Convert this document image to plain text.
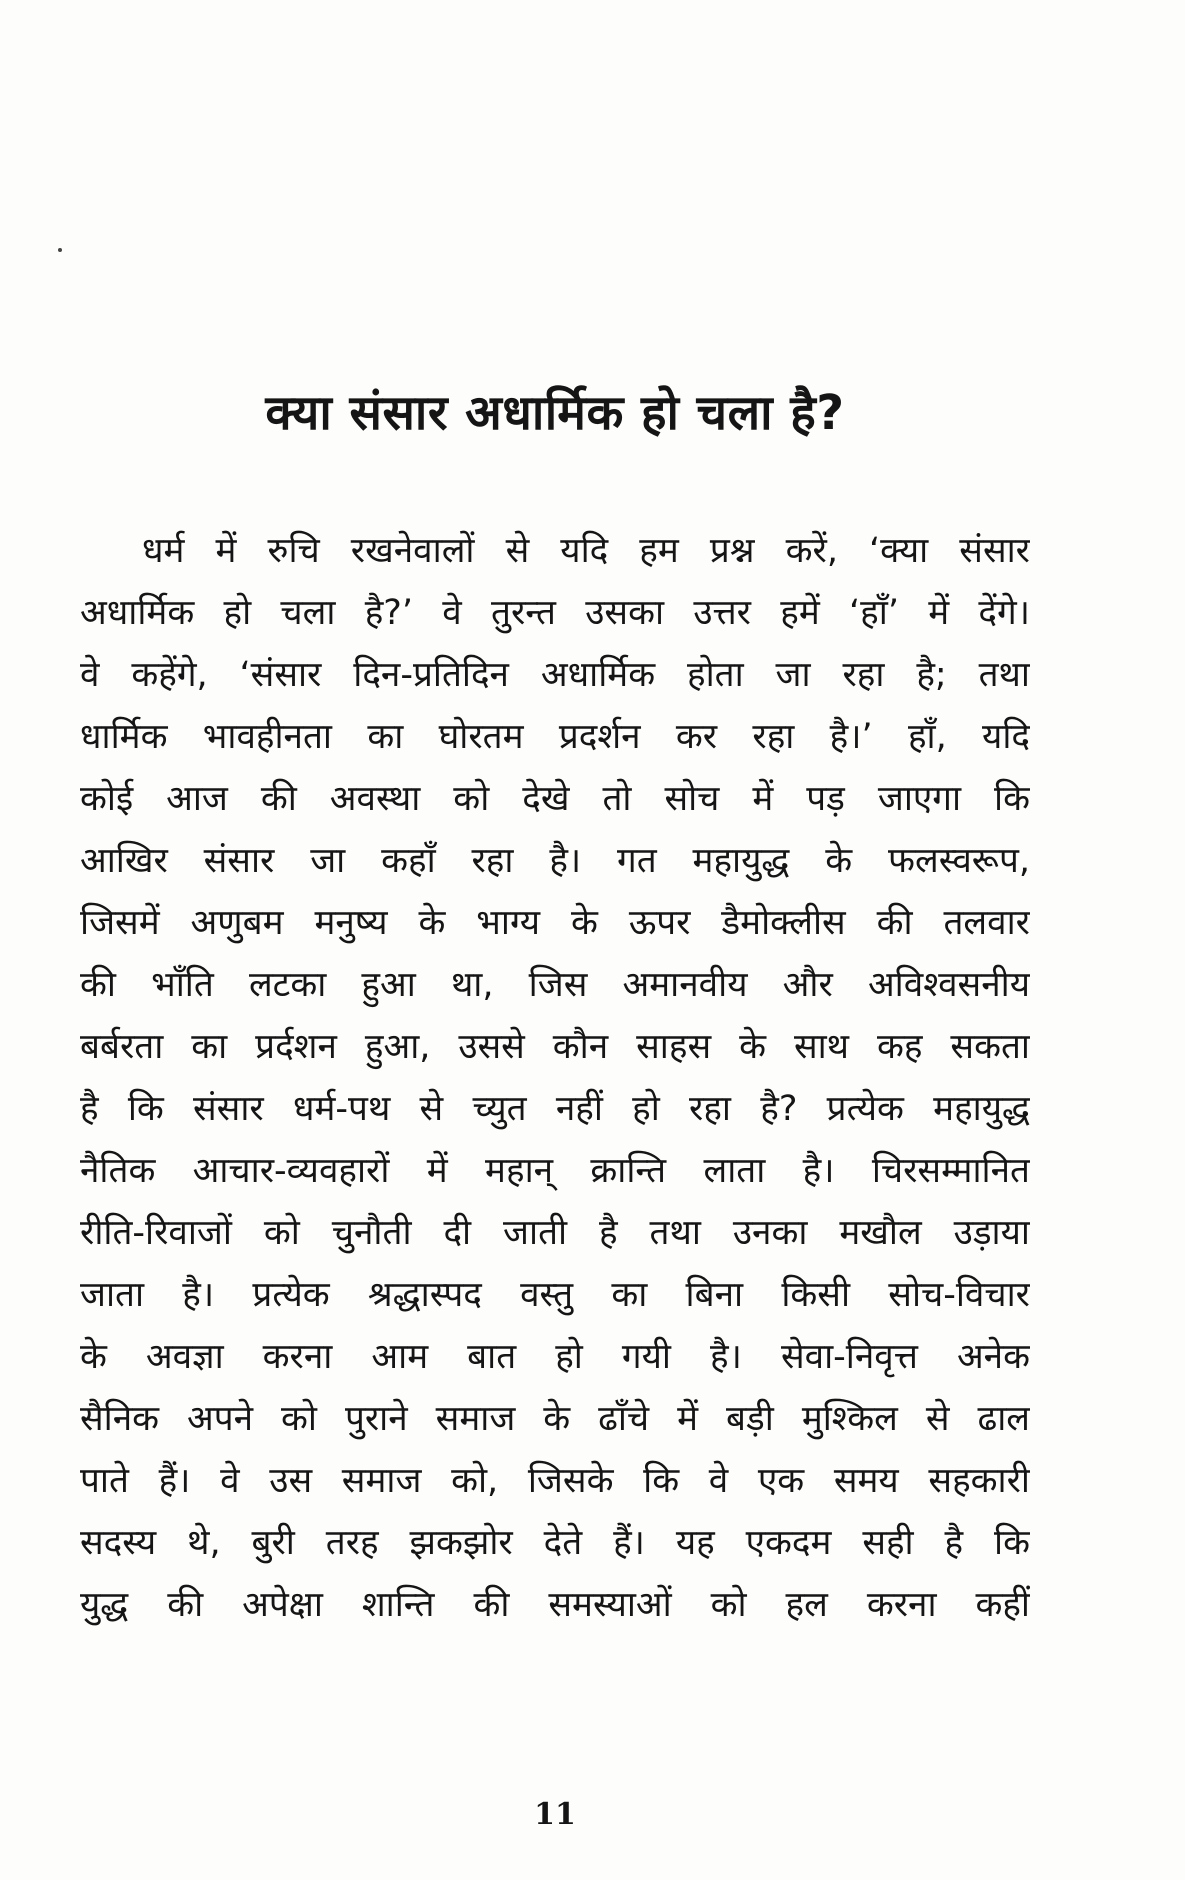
क्या संसार अधार्मिक हो चला है?
धर्म में रुचि रखनेवालों से यदि हम प्रश्न करें, ‘क्या संसार
अधार्मिक हो चला है?’ वे तुरन्त उसका उत्तर हमें ‘हाँ’ में देंगे।
वे कहेंगे, ‘संसार दिन-प्रतिदिन अधार्मिक होता जा रहा है; तथा
धार्मिक भावहीनता का घोरतम प्रदर्शन कर रहा है।’ हाँ, यदि
कोई आज की अवस्था को देखे तो सोच में पड़ जाएगा कि
आखिर संसार जा कहाँ रहा है। गत महायुद्ध के फलस्वरूप,
जिसमें अणुबम मनुष्य के भाग्य के ऊपर डैमोक्लीस की तलवार
की भाँति लटका हुआ था, जिस अमानवीय और अविश्वसनीय
बर्बरता का प्रर्दशन हुआ, उससे कौन साहस के साथ कह सकता
है कि संसार धर्म-पथ से च्युत नहीं हो रहा है? प्रत्येक महायुद्ध
नैतिक आचार-व्यवहारों में महान् क्रान्ति लाता है। चिरसम्मानित
रीति-रिवाजों को चुनौती दी जाती है तथा उनका मखौल उड़ाया
जाता है। प्रत्येक श्रद्धास्पद वस्तु का बिना किसी सोच-विचार
के अवज्ञा करना आम बात हो गयी है। सेवा-निवृत्त अनेक
सैनिक अपने को पुराने समाज के ढाँचे में बड़ी मुश्किल से ढाल
पाते हैं। वे उस समाज को, जिसके कि वे एक समय सहकारी
सदस्य थे, बुरी तरह झकझोर देते हैं। यह एकदम सही है कि
युद्ध की अपेक्षा शान्ति की समस्याओं को हल करना कहीं
11
